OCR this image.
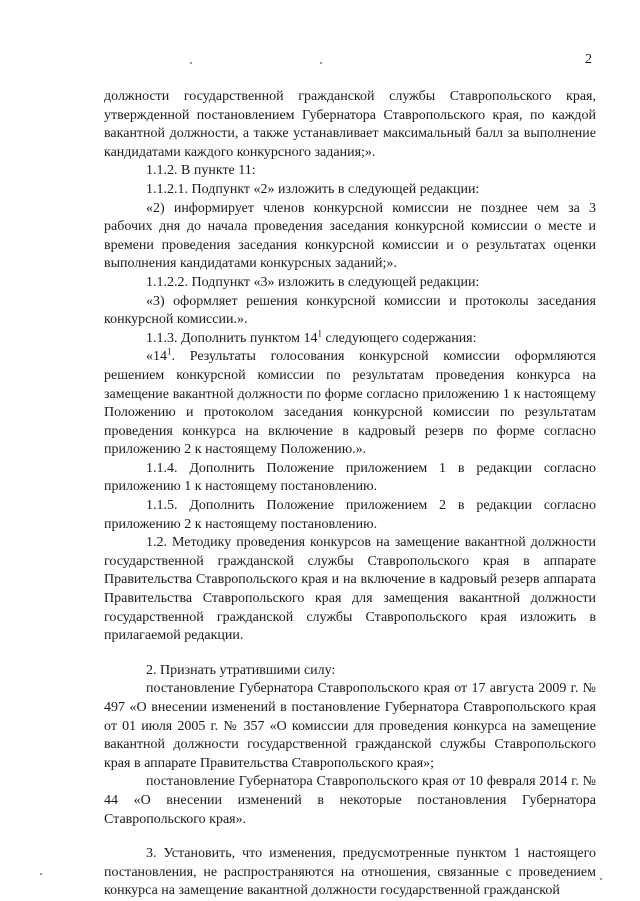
2

должности государственной гражданской службы Ставропольского края, утвержденной постановлением Губернатора Ставропольского края, по каждой вакантной должности, а также устанавливает максимальный балл за выполнение кандидатами каждого конкурсного задания;».

1.1.2. В пункте 11:

1.1.2.1. Подпункт «2» изложить в следующей редакции:

«2) информирует членов конкурсной комиссии не позднее чем за 3 рабочих дня до начала проведения заседания конкурсной комиссии о месте и времени проведения заседания конкурсной комиссии и о результатах оценки выполнения кандидатами конкурсных заданий;».

1.1.2.2. Подпункт «3» изложить в следующей редакции:

«3) оформляет решения конкурсной комиссии и протоколы заседания конкурсной комиссии.».

1.1.3. Дополнить пунктом $14^1$ следующего содержания:

«$14^1$. Результаты голосования конкурсной комиссии оформляются решением конкурсной комиссии по результатам проведения конкурса на замещение вакантной должности по форме согласно приложению 1 к настоящему Положению и протоколом заседания конкурсной комиссии по результатам проведения конкурса на включение в кадровый резерв по форме согласно приложению 2 к настоящему Положению.».

1.1.4. Дополнить Положение приложением 1 в редакции согласно приложению 1 к настоящему постановлению.

1.1.5. Дополнить Положение приложением 2 в редакции согласно приложению 2 к настоящему постановлению.

1.2. Методику проведения конкурсов на замещение вакантной должности государственной гражданской службы Ставропольского края в аппарате Правительства Ставропольского края и на включение в кадровый резерв аппарата Правительства Ставропольского края для замещения вакантной должности государственной гражданской службы Ставропольского края изложить в прилагаемой редакции.

2. Признать утратившими силу:

постановление Губернатора Ставропольского края от 17 августа 2009 г. № 497 «О внесении изменений в постановление Губернатора Ставропольского края от 01 июля 2005 г. № 357 «О комиссии для проведения конкурса на замещение вакантной должности государственной гражданской службы Ставропольского края в аппарате Правительства Ставропольского края»;

постановление Губернатора Ставропольского края от 10 февраля 2014 г. № 44 «О внесении изменений в некоторые постановления Губернатора Ставропольского края».

3. Установить, что изменения, предусмотренные пунктом 1 настоящего постановления, не распространяются на отношения, связанные с проведением конкурса на замещение вакантной должности государственной гражданской
